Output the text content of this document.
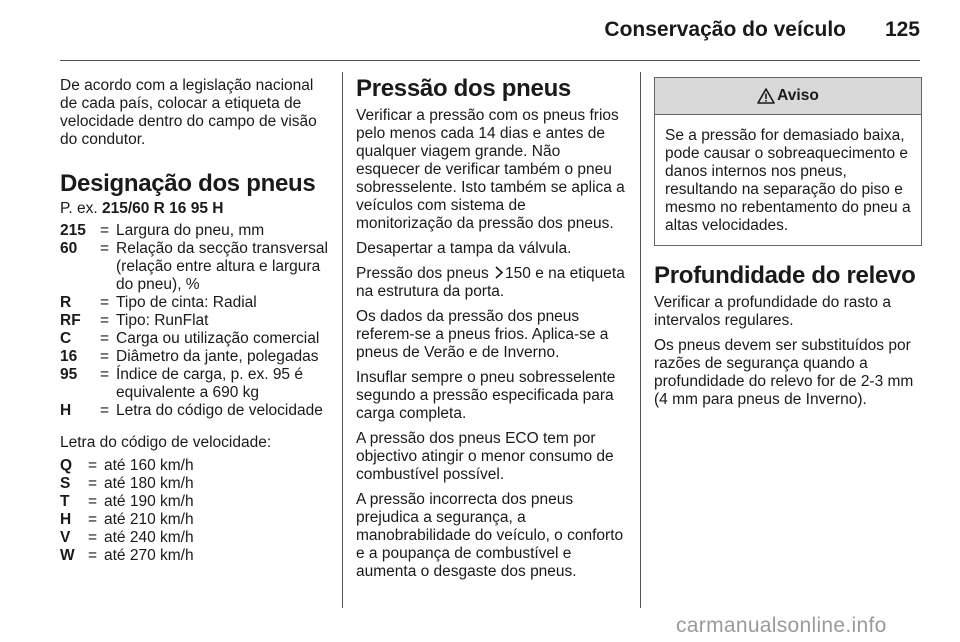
Conservação do veículo	125

De acordo com a legislação nacional de cada país, colocar a etiqueta de velocidade dentro do campo de visão do condutor.

Designação dos pneus
P. ex. 215/60 R 16 95 H
215 = Largura do pneu, mm
60	= Relação da secção transversal (relação entre altura e largura do pneu), %
R	= Tipo de cinta: Radial
RF	= Tipo: RunFlat
C	= Carga ou utilização comercial
16	= Diâmetro da jante, polegadas
95	= Índice de carga, p. ex. 95 é equivalente a 690 kg
H	= Letra do código de velocidade

Letra do código de velocidade:

Q	= até 160 km/h
S	= até 180 km/h
T	= até 190 km/h
H	= até 210 km/h
V	= até 240 km/h
W = até 270 km/h
Pressão dos pneus

Verificar a pressão com os pneus frios pelo menos cada 14 dias e antes de qualquer viagem grande. Não esquecer de verificar também o pneu sobresselente. Isto também se aplica a veículos com sistema de monitorização da pressão dos pneus.

Desapertar a tampa da válvula.

Pressão dos pneus 150 e na etiqueta na estrutura da porta.

Os dados da pressão dos pneus referem-se a pneus frios. Aplica-se a pneus de Verão e de Inverno.

Insuflar sempre o pneu sobresselente segundo a pressão especificada para carga completa.

A pressão dos pneus ECO tem por objectivo atingir o menor consumo de combustível possível.

A pressão incorrecta dos pneus prejudica a segurança, a manobrabilidade do veículo, o conforto e a poupança de combustível e aumenta o desgaste dos pneus.

Aviso
Se a pressão for demasiado baixa, pode causar o sobreaquecimento e danos internos nos pneus, resultando na separação do piso e mesmo no rebentamento do pneu a altas velocidades.
Profundidade do relevo

Verificar a profundidade do rasto a intervalos regulares.

Os pneus devem ser substituídos por razões de segurança quando a profundidade do relevo for de 2-3 mm (4 mm para pneus de Inverno).

carmanualsonline.info
